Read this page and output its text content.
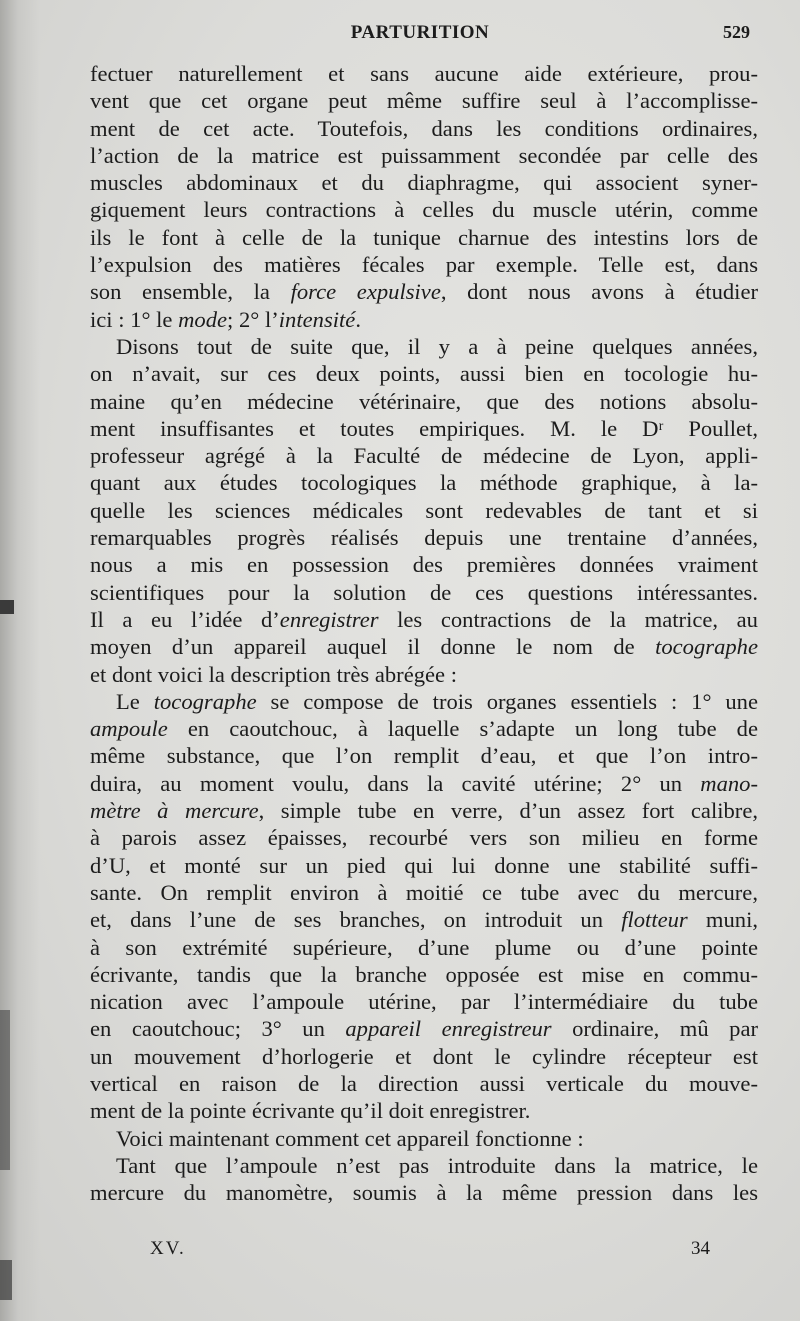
PARTURITION	529
fectuer naturellement et sans aucune aide extérieure, prou-
vent que cet organe peut même suffire seul à l’accomplisse-
ment de cet acte. Toutefois, dans les conditions ordinaires,
l’action de la matrice est puissamment secondée par celle des
muscles abdominaux et du diaphragme, qui associent syner-
giquement leurs contractions à celles du muscle utérin, comme
ils le font à celle de la tunique charnue des intestins lors de
l’expulsion des matières fécales par exemple. Telle est, dans
son ensemble, la force expulsive, dont nous avons à étudier
ici : 1° le mode; 2° l’intensité.
Disons tout de suite que, il y a à peine quelques années,
on n’avait, sur ces deux points, aussi bien en tocologie hu-
maine qu’en médecine vétérinaire, que des notions absolu-
ment insuffisantes et toutes empiriques. M. le Dʳ Poullet,
professeur agrégé à la Faculté de médecine de Lyon, appli-
quant aux études tocologiques la méthode graphique, à la-
quelle les sciences médicales sont redevables de tant et si
remarquables progrès réalisés depuis une trentaine d’années,
nous a mis en possession des premières données vraiment
scientifiques pour la solution de ces questions intéressantes.
Il a eu l’idée d’enregistrer les contractions de la matrice, au
moyen d’un appareil auquel il donne le nom de tocographe
et dont voici la description très abrégée :
Le tocographe se compose de trois organes essentiels : 1° une
ampoule en caoutchouc, à laquelle s’adapte un long tube de
même substance, que l’on remplit d’eau, et que l’on intro-
duira, au moment voulu, dans la cavité utérine; 2° un mano-
mètre à mercure, simple tube en verre, d’un assez fort calibre,
à parois assez épaisses, recourbé vers son milieu en forme
d’U, et monté sur un pied qui lui donne une stabilité suffi-
sante. On remplit environ à moitié ce tube avec du mercure,
et, dans l’une de ses branches, on introduit un flotteur muni,
à son extrémité supérieure, d’une plume ou d’une pointe
écrivante, tandis que la branche opposée est mise en commu-
nication avec l’ampoule utérine, par l’intermédiaire du tube
en caoutchouc; 3° un appareil enregistreur ordinaire, mû par
un mouvement d’horlogerie et dont le cylindre récepteur est
vertical en raison de la direction aussi verticale du mouve-
ment de la pointe écrivante qu’il doit enregistrer.
Voici maintenant comment cet appareil fonctionne :
Tant que l’ampoule n’est pas introduite dans la matrice, le
mercure du manomètre, soumis à la même pression dans les
XV.	34
